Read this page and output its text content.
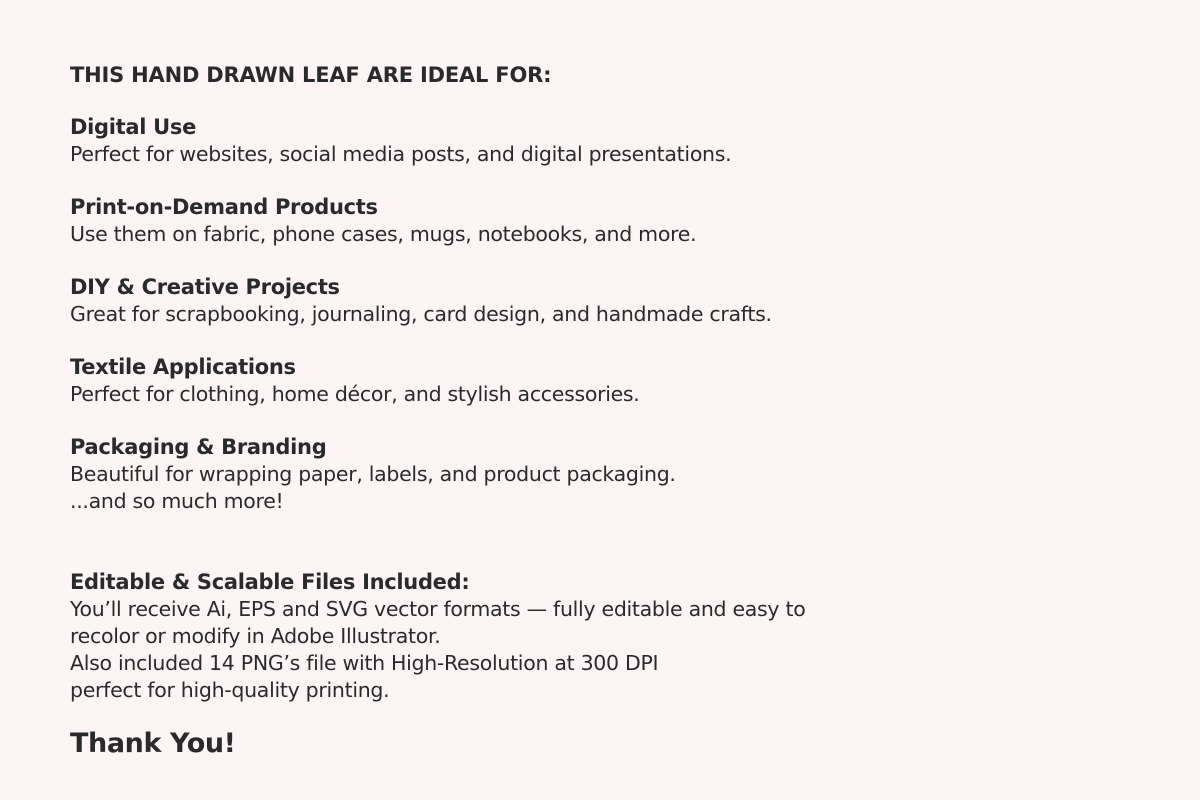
THIS HAND DRAWN LEAF ARE IDEAL FOR:
Digital Use
Perfect for websites, social media posts, and digital presentations.
Print-on-Demand Products
Use them on fabric, phone cases, mugs, notebooks, and more.
DIY & Creative Projects
Great for scrapbooking, journaling, card design, and handmade crafts.
Textile Applications
Perfect for clothing, home décor, and stylish accessories.
Packaging & Branding
Beautiful for wrapping paper, labels, and product packaging.
...and so much more!
Editable & Scalable Files Included:
You’ll receive Ai, EPS and SVG vector formats — fully editable and easy to
recolor or modify in Adobe Illustrator.
Also included 14 PNG’s file with High-Resolution at 300 DPI
perfect for high-quality printing.
Thank You!
